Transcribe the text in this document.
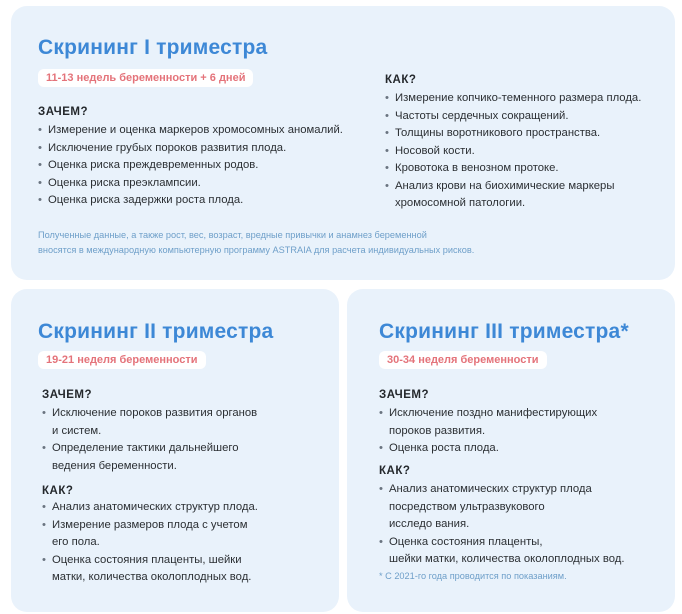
Скрининг I триместра
11-13 недель беременности + 6 дней
ЗАЧЕМ?
• Измерение и оценка маркеров хромосомных аномалий.
• Исключение грубых пороков развития плода.
• Оценка риска преждевременных родов.
• Оценка риска преэклампсии.
• Оценка риска задержки роста плода.
КАК?
• Измерение копчико-теменного размера плода.
• Частоты сердечных сокращений.
• Толщины воротникового пространства.
• Носовой кости.
• Кровотока в венозном протоке.
• Анализ крови на биохимические маркеры
хромосомной патологии.
Полученные данные, а также рост, вес, возраст, вредные привычки и анамнез беременной
вносятся в международную компьютерную программу ASTRAIA для расчета индивидуальных рисков.
Скрининг II триместра
19-21 неделя беременности
ЗАЧЕМ?
• Исключение пороков развития органов
и систем.
• Определение тактики дальнейшего
ведения беременности.
КАК?
• Анализ анатомических структур плода.
• Измерение размеров плода с учетом
его пола.
• Оценка состояния плаценты, шейки
матки, количества околоплодных вод.
Скрининг III триместра*
30-34 неделя беременности
ЗАЧЕМ?
• Исключение поздно манифестирующих
пороков развития.
• Оценка роста плода.
КАК?
• Анализ анатомических структур плода
посредством ультразвукового
исследо вания.
• Оценка состояния плаценты,
шейки матки, количества околоплодных вод.
* С 2021-го года проводится по показаниям.
